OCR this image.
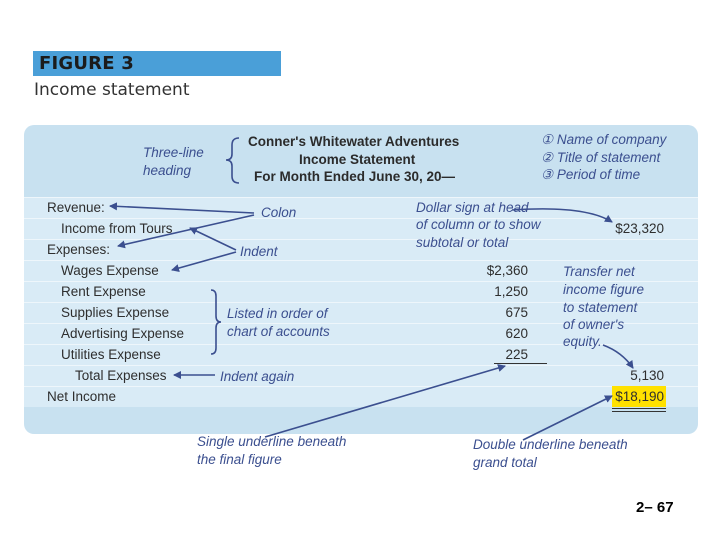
FIGURE 3
Income statement
Three-line
heading
Conner's Whitewater Adventures
Income Statement
For Month Ended June 30, 20—
① Name of company
② Title of statement
③ Period of time
Revenue:
Income from Tours
Expenses:
Wages Expense
Rent Expense
Supplies Expense
Advertising Expense
Utilities Expense
Total Expenses
Net Income
$2,360
1,250
675
620
225
$23,320
5,130
$18,190
Colon
Indent
Dollar sign at head
of column or to show
subtotal or total
Listed in order of
chart of accounts
Indent again
Transfer net
income figure
to statement
of owner's
equity.
Single underline beneath
the final figure
Double underline beneath
grand total
2– 67
